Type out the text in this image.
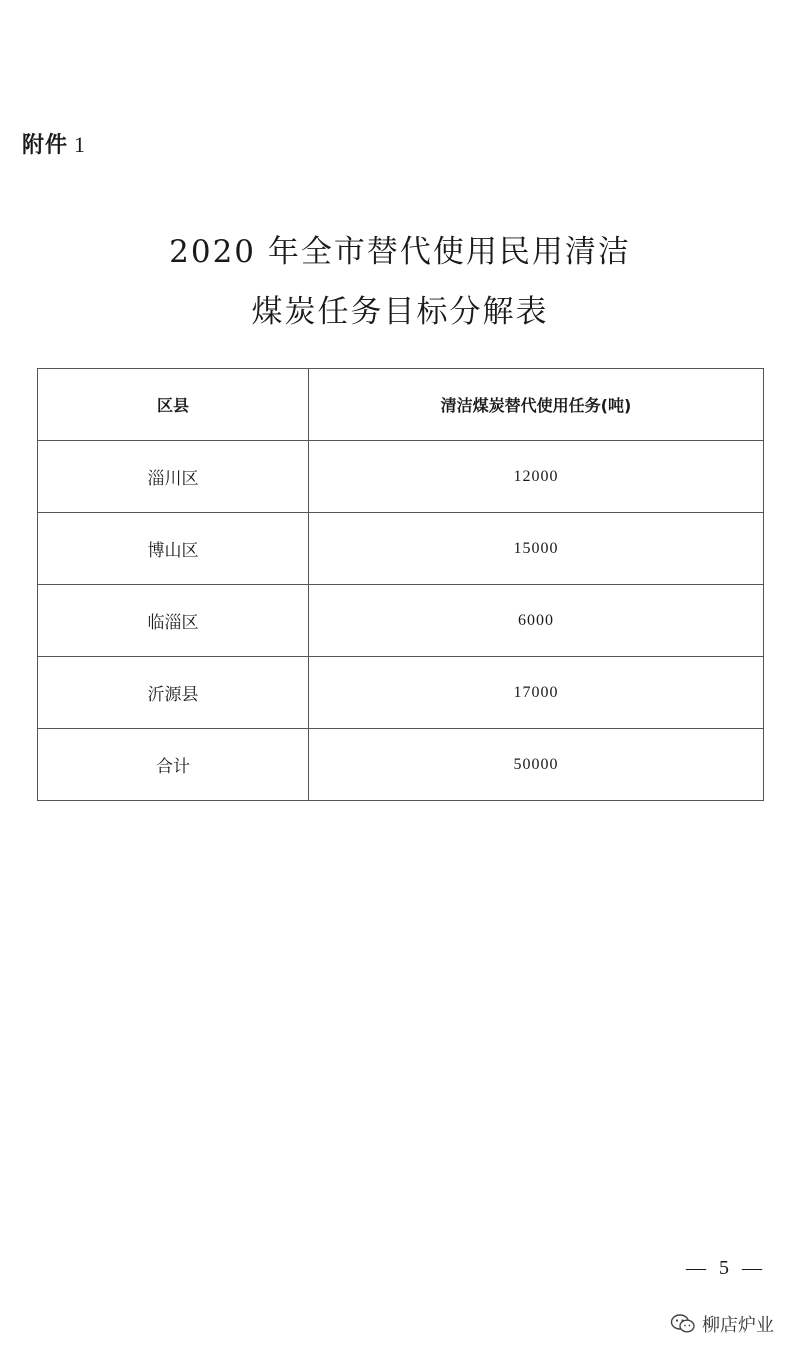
附件 1
2020 年全市替代使用民用清洁
煤炭任务目标分解表
区县	清洁煤炭替代使用任务(吨)
淄川区	12000
博山区	15000
临淄区	6000
沂源县	17000
合计	50000
— 5 —
柳店炉业
